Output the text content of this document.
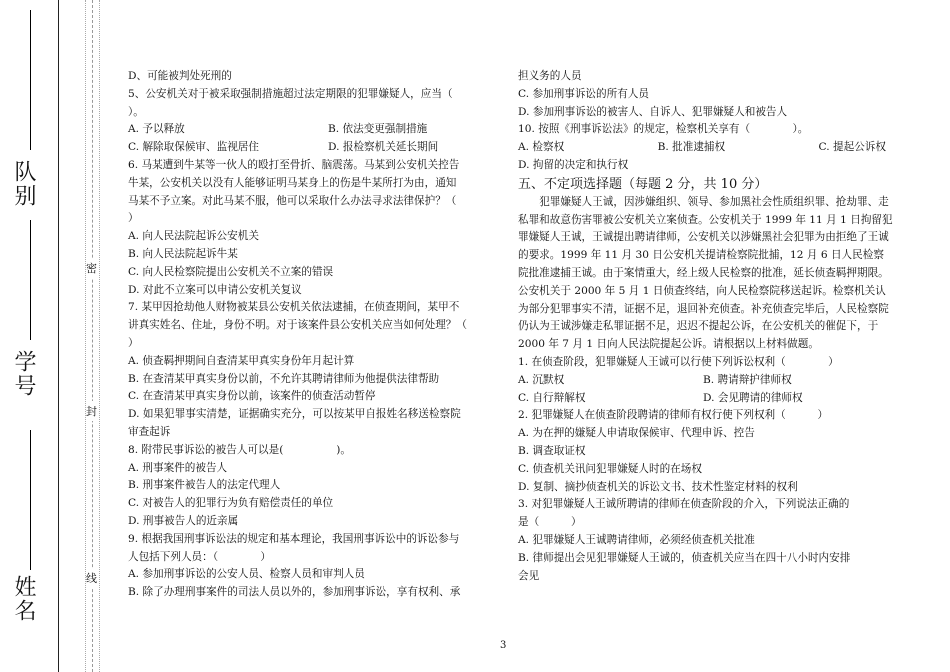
队别
学号
姓名
密
封
线

D、可能被判处死刑的

5、公安机关对于被采取强制措施超过法定期限的犯罪嫌疑人，应当（

）。

A. 予以释放	B. 依法变更强制措施
C. 解除取保候审、监视居住	D. 报检察机关延长期间

6. 马某遭到牛某等一伙人的殴打至骨折、脑震荡。马某到公安机关控告

牛某，公安机关以没有人能够证明马某身上的伤是牛某所打为由，通知

马某不予立案。对此马某不服，他可以采取什么办法寻求法律保护？（

）

A. 向人民法院起诉公安机关

B. 向人民法院起诉牛某

C. 向人民检察院提出公安机关不立案的错误

D. 对此不立案可以申请公安机关复议

7. 某甲因抢劫他人财物被某县公安机关依法逮捕，在侦查期间，某甲不

讲真实姓名、住址，身份不明。对于该案件县公安机关应当如何处理？（

）

A. 侦查羁押期间自查清某甲真实身份年月起计算

B. 在查清某甲真实身份以前，不允许其聘请律师为他提供法律帮助

C. 在查清某甲真实身份以前，该案件的侦查活动暂停

D. 如果犯罪事实清楚，证据确实充分，可以按某甲自报姓名移送检察院

审查起诉

8. 附带民事诉讼的被告人可以是(　　　　　)。

A. 刑事案件的被告人

B. 刑事案件被告人的法定代理人

C. 对被告人的犯罪行为负有赔偿责任的单位

D. 刑事被告人的近亲属

9. 根据我国刑事诉讼法的规定和基本理论，我国刑事诉讼中的诉讼参与

人包括下列人员：（　　　　）

A. 参加刑事诉讼的公安人员、检察人员和审判人员

B. 除了办理刑事案件的司法人员以外的，参加刑事诉讼，享有权利、承

担义务的人员

C. 参加刑事诉讼的所有人员

D. 参加刑事诉讼的被害人、自诉人、犯罪嫌疑人和被告人

10. 按照《刑事诉讼法》的规定，检察机关享有（　　　　）。

A. 检察权	B. 批准逮捕权	C. 提起公诉权

D. 拘留的决定和执行权

五、不定项选择题（每题 2 分，共 10 分）

犯罪嫌疑人王诚，因涉嫌组织、领导、参加黑社会性质组织罪、抢劫罪、走私罪和故意伤害罪被公安机关立案侦查。公安机关于 1999 年 11 月 1 日拘留犯罪嫌疑人王诚，王诚提出聘请律师，公安机关以涉嫌黑社会犯罪为由拒绝了王诚的要求。1999 年 11 月 30 日公安机关提请检察院批捕，12 月 6 日人民检察院批准逮捕王诚。由于案情重大，经上级人民检察的批准，延长侦查羁押期限。公安机关于 2000 年 5 月 1 日侦查终结，向人民检察院移送起诉。检察机关认为部分犯罪事实不清，证据不足，退回补充侦查。补充侦查完毕后，人民检察院仍认为王诚涉嫌走私罪证据不足，迟迟不提起公诉，在公安机关的催促下，于 2000 年 7 月 1 日向人民法院提起公诉。请根据以上材料做题。

1. 在侦查阶段，犯罪嫌疑人王诚可以行使下列诉讼权利（　　　　）

A. 沉默权	B. 聘请辩护律师权
C. 自行辩解权	D. 会见聘请的律师权

2. 犯罪嫌疑人在侦查阶段聘请的律师有权行使下列权利（　　　）

A. 为在押的嫌疑人申请取保候审、代理申诉、控告

B. 调查取证权

C. 侦查机关讯问犯罪嫌疑人时的在场权

D. 复制、摘抄侦查机关的诉讼文书、技术性鉴定材料的权利

3. 对犯罪嫌疑人王诚所聘请的律师在侦查阶段的介入，下列说法正确的

是（　　　）

A. 犯罪嫌疑人王诚聘请律师，必须经侦查机关批准

B. 律师提出会见犯罪嫌疑人王诚的，侦查机关应当在四十八小时内安排

会见

3
